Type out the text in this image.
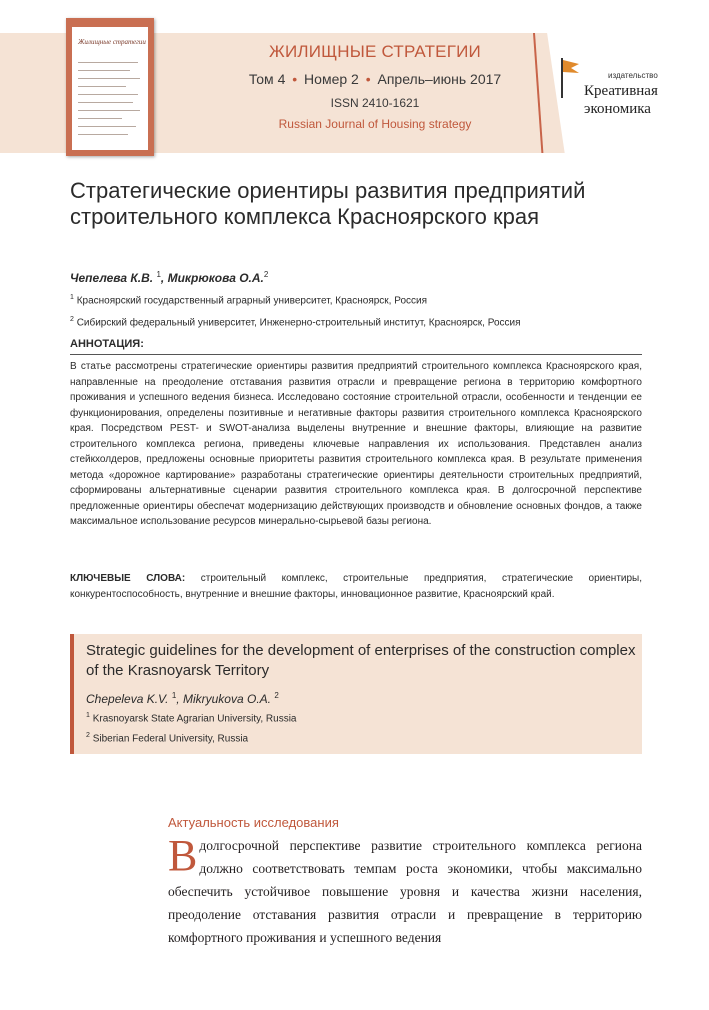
Жилищные стратегии	ЖИЛИЩНЫЕ СТРАТЕГИИ
Том 4 • Номер 2 • Апрель–июнь 2017
ISSN 2410-1621
Russian Journal of Housing strategy
издательство
Креативная экономика
Стратегические ориентиры развития предприятий строительного комплекса Красноярского края
Чепелева К.В. $^1$, Микрюкова О.А.$^2$
$^1$ Красноярский государственный аграрный университет, Красноярск, Россия
$^2$ Сибирский федеральный университет, Инженерно-строительный институт, Красноярск, Россия
АННОТАЦИЯ:
В статье рассмотрены стратегические ориентиры развития предприятий строительного комплекса Красноярского края, направленные на преодоление отставания развития отрасли и превращение региона в территорию комфортного проживания и успешного ведения бизнеса. Исследовано состояние строительной отрасли, особенности и тенденции ее функционирования, определены позитивные и негативные факторы развития строительного комплекса Красноярского края. Посредством PEST- и SWOT-анализа выделены внутренние и внешние факторы, влияющие на развитие строительного комплекса региона, приведены ключевые направления их использования. Представлен анализ стейкхолдеров, предложены основные приоритеты развития строительного комплекса края. В результате применения метода «дорожное картирование» разработаны стратегические ориентиры деятельности строительных предприятий, сформированы альтернативные сценарии развития строительного комплекса края. В долгосрочной перспективе предложенные ориентиры обеспечат модернизацию действующих производств и обновление основных фондов, а также максимальное использование ресурсов минерально-сырьевой базы региона.
КЛЮЧЕВЫЕ СЛОВА: строительный комплекс, строительные предприятия, стратегические ориентиры, конкурентоспособность, внутренние и внешние факторы, инновационное развитие, Красноярский край.
Strategic guidelines for the development of enterprises of the construction complex of the Krasnoyarsk Territory
Chepeleva K.V. $^1$, Mikryukova O.A. $^2$
$^1$ Krasnoyarsk State Agrarian University, Russia
$^2$ Siberian Federal University, Russia
Актуальность исследования
В долгосрочной перспективе развитие строительного комплекса региона должно соответствовать темпам роста экономики, чтобы максимально обеспечить устойчивое повышение уровня и качества жизни населения, преодоление отставания развития отрасли и превращение в территорию комфортного проживания и успешного ведения
